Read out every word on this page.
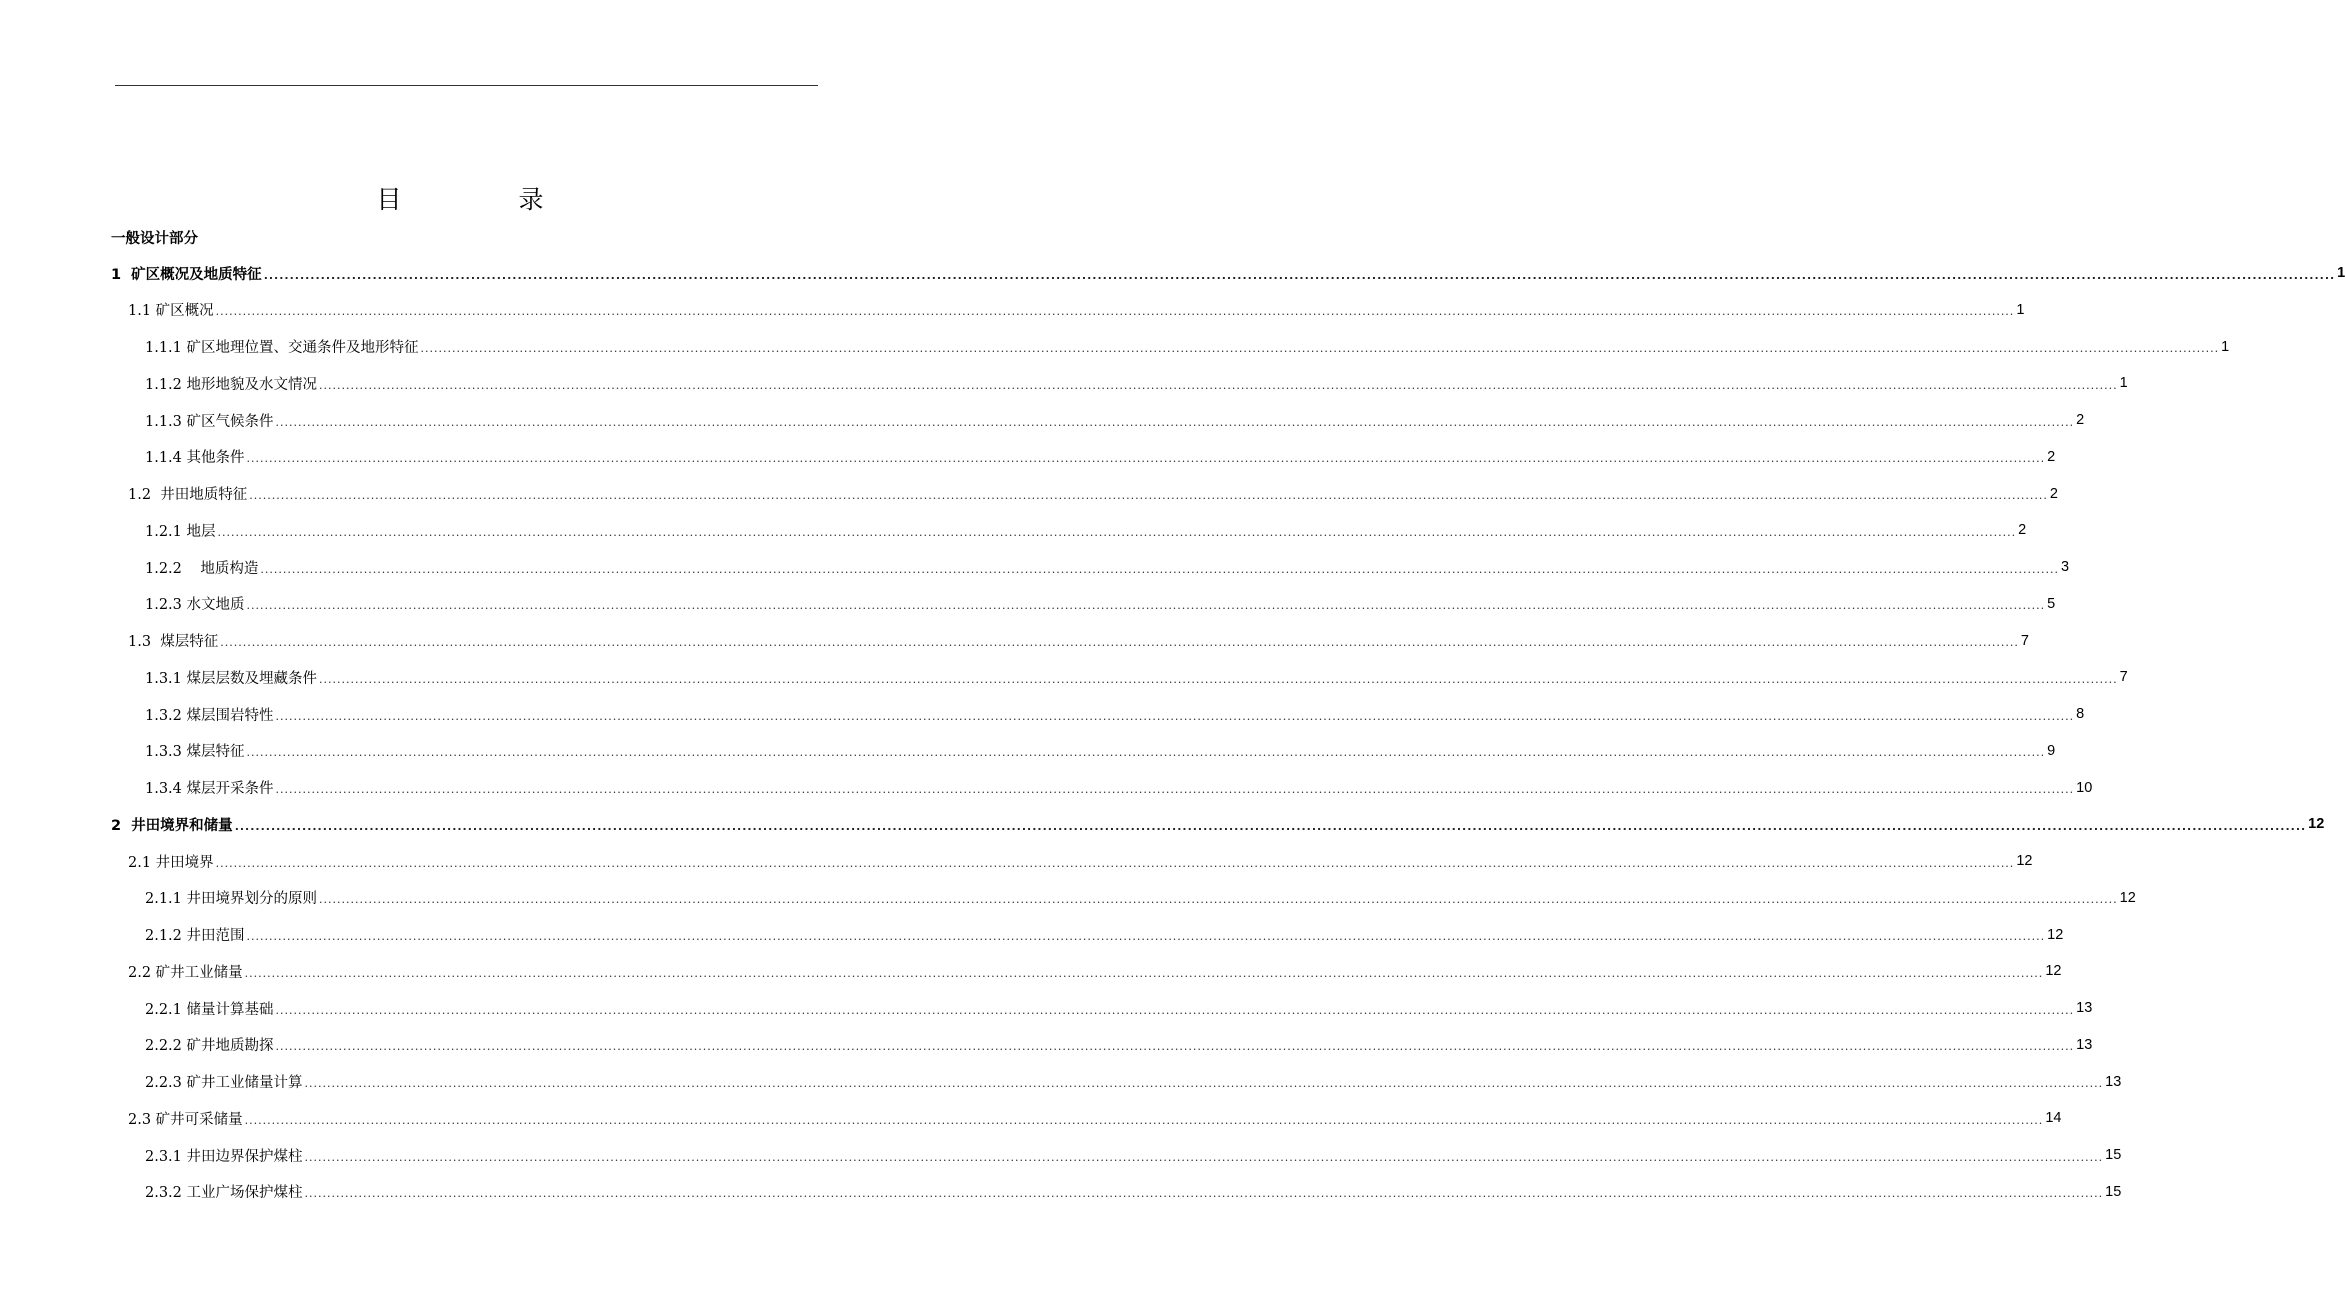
目　录
一般设计部分
1  矿区概况及地质特征 ................................................................................................................................................................................................................................................................................................................................................................................................................ 1
1.1 矿区概况 ................................................................................................................................................................................................................................................................................................................................................................................................................ 1
1.1.1 矿区地理位置、交通条件及地形特征 ................................................................................................................................................................................................................................................................................................................................................................................................................ 1
1.1.2 地形地貌及水文情况 ................................................................................................................................................................................................................................................................................................................................................................................................................ 1
1.1.3 矿区气候条件 ................................................................................................................................................................................................................................................................................................................................................................................................................ 2
1.1.4 其他条件 ................................................................................................................................................................................................................................................................................................................................................................................................................ 2
1.2  井田地质特征 ................................................................................................................................................................................................................................................................................................................................................................................................................ 2
1.2.1 地层 ................................................................................................................................................................................................................................................................................................................................................................................................................ 2
1.2.2    地质构造 ................................................................................................................................................................................................................................................................................................................................................................................................................ 3
1.2.3 水文地质 ................................................................................................................................................................................................................................................................................................................................................................................................................ 5
1.3  煤层特征 ................................................................................................................................................................................................................................................................................................................................................................................................................ 7
1.3.1 煤层层数及埋藏条件 ................................................................................................................................................................................................................................................................................................................................................................................................................ 7
1.3.2 煤层围岩特性 ................................................................................................................................................................................................................................................................................................................................................................................................................ 8
1.3.3 煤层特征 ................................................................................................................................................................................................................................................................................................................................................................................................................ 9
1.3.4 煤层开采条件 ................................................................................................................................................................................................................................................................................................................................................................................................................ 10
2  井田境界和储量 ................................................................................................................................................................................................................................................................................................................................................................................................................ 12
2.1 井田境界 ................................................................................................................................................................................................................................................................................................................................................................................................................ 12
2.1.1 井田境界划分的原则 ................................................................................................................................................................................................................................................................................................................................................................................................................ 12
2.1.2 井田范围 ................................................................................................................................................................................................................................................................................................................................................................................................................ 12
2.2 矿井工业储量 ................................................................................................................................................................................................................................................................................................................................................................................................................ 12
2.2.1 储量计算基础 ................................................................................................................................................................................................................................................................................................................................................................................................................ 13
2.2.2 矿井地质勘探 ................................................................................................................................................................................................................................................................................................................................................................................................................ 13
2.2.3 矿井工业储量计算 ................................................................................................................................................................................................................................................................................................................................................................................................................ 13
2.3 矿井可采储量 ................................................................................................................................................................................................................................................................................................................................................................................................................ 14
2.3.1 井田边界保护煤柱 ................................................................................................................................................................................................................................................................................................................................................................................................................ 15
2.3.2 工业广场保护煤柱 ................................................................................................................................................................................................................................................................................................................................................................................................................ 15
